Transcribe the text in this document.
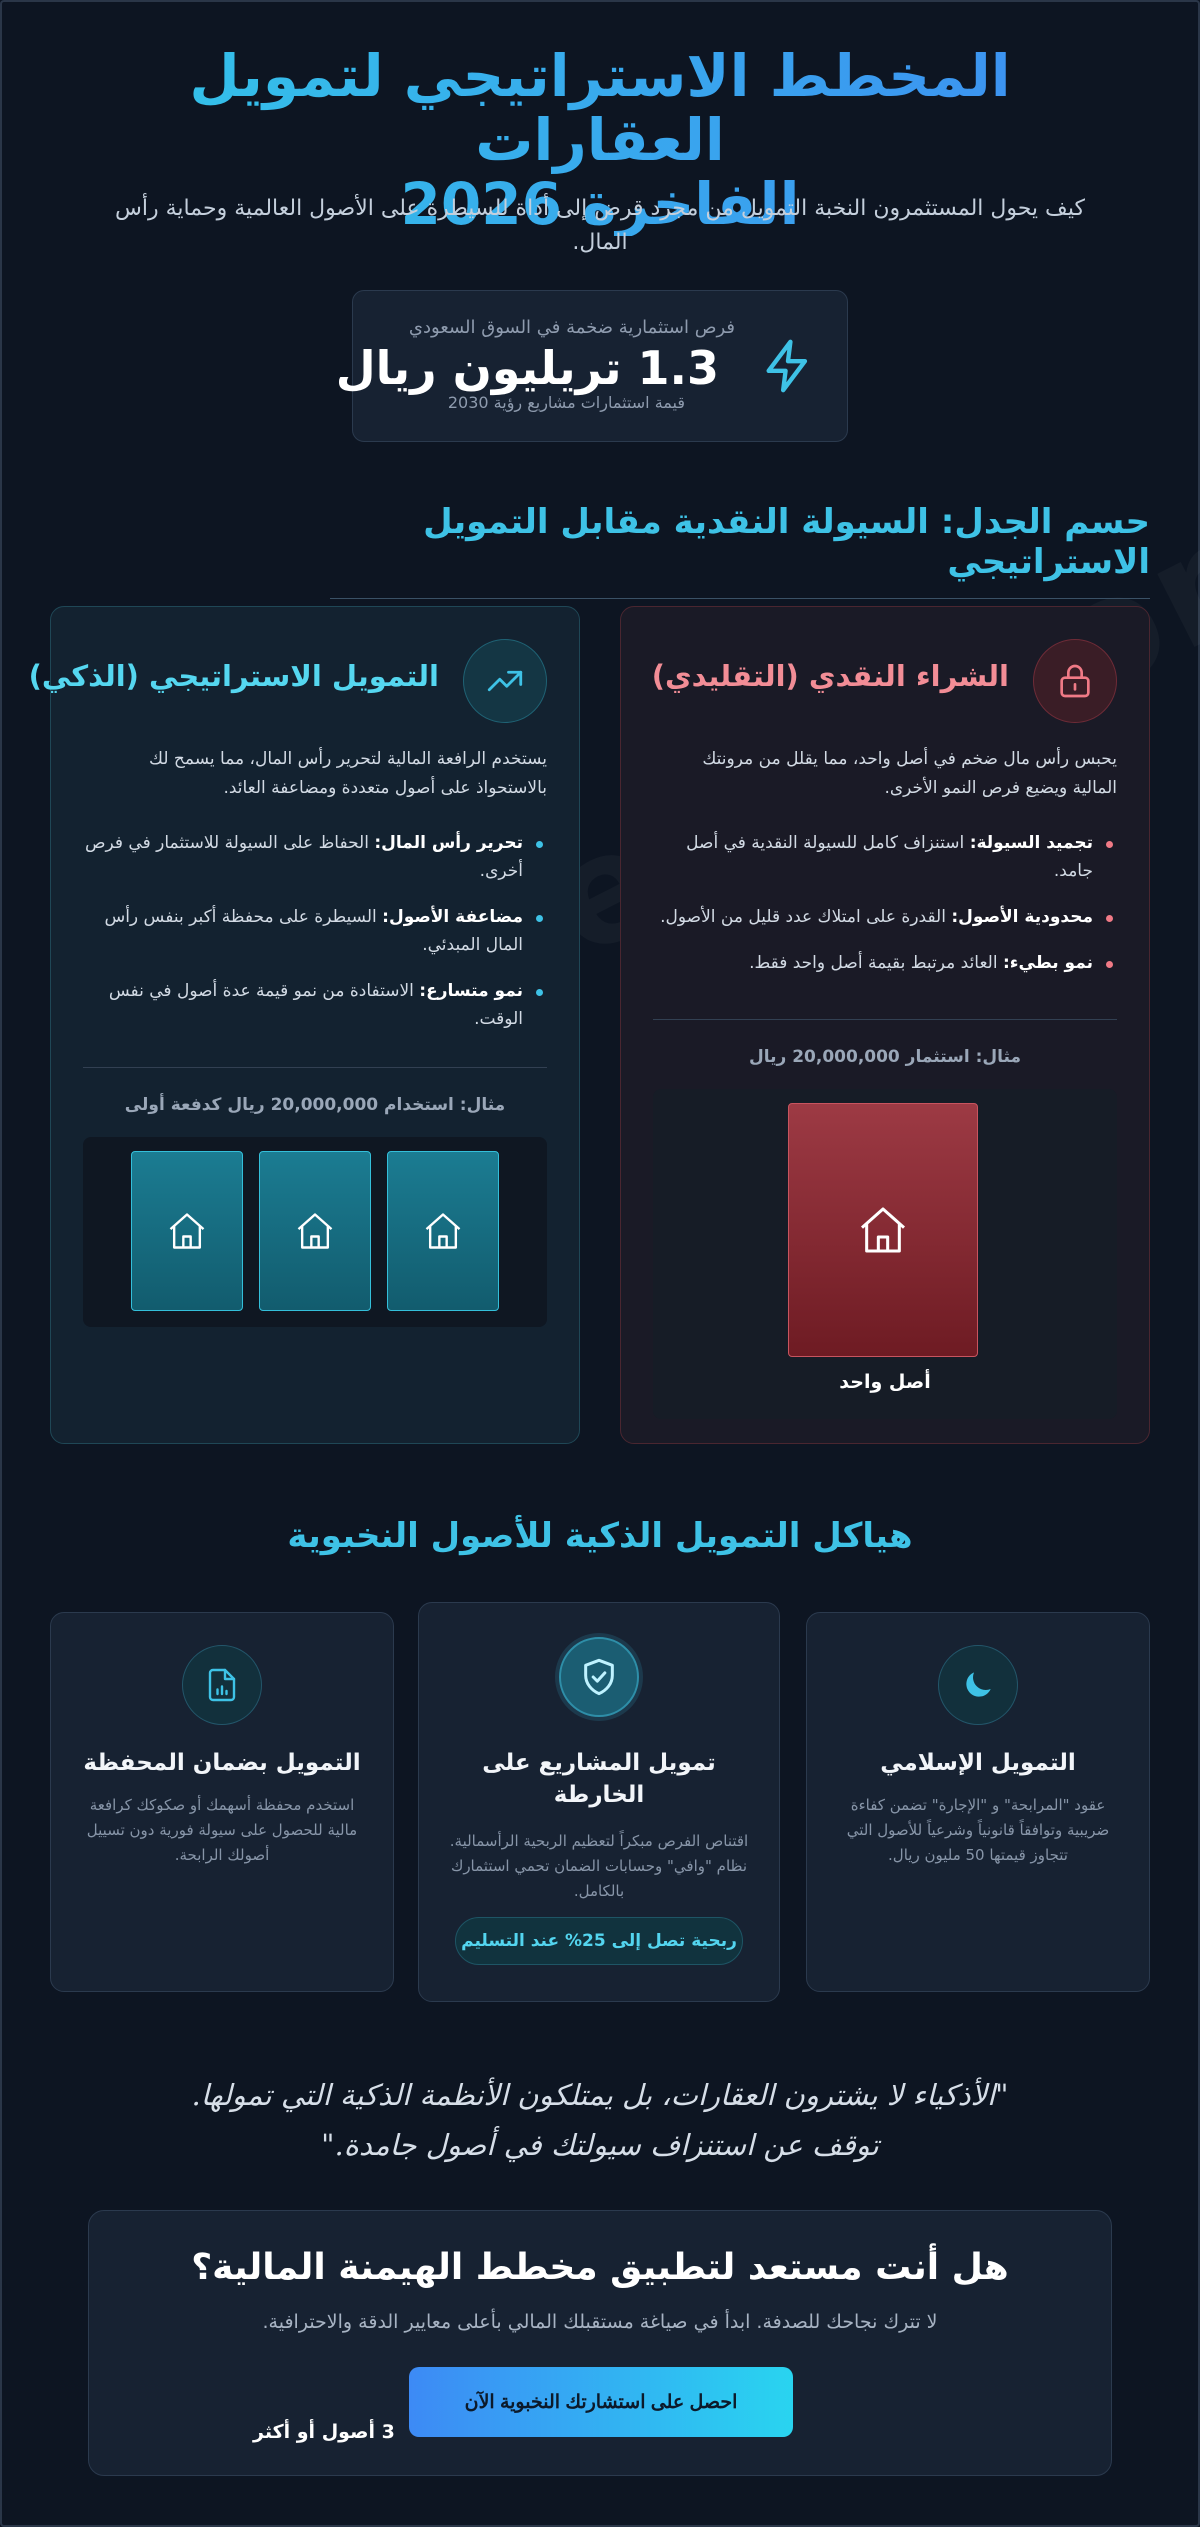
المخطط الاستراتيجي لتمويل العقارات
الفاخرة 2026

كيف يحول المستثمرون النخبة التمويل من مجرد قرض إلى أداة للسيطرة على الأصول العالمية وحماية رأس المال.

فرص استثمارية ضخمة في السوق السعودي
1.3 تريليون ريال
قيمة استثمارات مشاريع رؤية 2030
حسم الجدل: السيولة النقدية مقابل التمويل الاستراتيجي
الشراء النقدي (التقليدي)

يحبس رأس مال ضخم في أصل واحد، مما يقلل من مرونتك المالية ويضيع فرص النمو الأخرى.

تجميد السيولة: استنزاف كامل للسيولة النقدية في أصل جامد.
محدودية الأصول: القدرة على امتلاك عدد قليل من الأصول.
نمو بطيء: العائد مرتبط بقيمة أصل واحد فقط.
مثال: استثمار 20,000,000 ريال
أصل واحد
التمويل الاستراتيجي (الذكي)

يستخدم الرافعة المالية لتحرير رأس المال، مما يسمح لك بالاستحواذ على أصول متعددة ومضاعفة العائد.

تحرير رأس المال: الحفاظ على السيولة للاستثمار في فرص أخرى.
مضاعفة الأصول: السيطرة على محفظة أكبر بنفس رأس المال المبدئي.
نمو متسارع: الاستفادة من نمو قيمة عدة أصول في نفس الوقت.
مثال: استخدام 20,000,000 ريال كدفعة أولى
هياكل التمويل الذكية للأصول النخبوية
التمويل الإسلامي

عقود "المرابحة" و "الإجارة" تضمن كفاءة ضريبية وتوافقاً قانونياً وشرعياً للأصول التي تتجاوز قيمتها 50 مليون ريال.

تمويل المشاريع على الخارطة

اقتناص الفرص مبكراً لتعظيم الربحية الرأسمالية. نظام "وافي" وحسابات الضمان تحمي استثمارك بالكامل.

ربحية تصل إلى 25% عند التسليم
التمويل بضمان المحفظة

استخدم محفظة أسهمك أو صكوكك كرافعة مالية للحصول على سيولة فورية دون تسييل أصولك الرابحة.

"الأذكياء لا يشترون العقارات، بل يمتلكون الأنظمة الذكية التي تمولها.
توقف عن استنزاف سيولتك في أصول جامدة."
هل أنت مستعد لتطبيق مخطط الهيمنة المالية؟
لا تترك نجاحك للصدفة. ابدأ في صياغة مستقبلك المالي بأعلى معايير الدقة والاحترافية.
احصل على استشارتك النخبوية الآن
3 أصول أو أكثر
